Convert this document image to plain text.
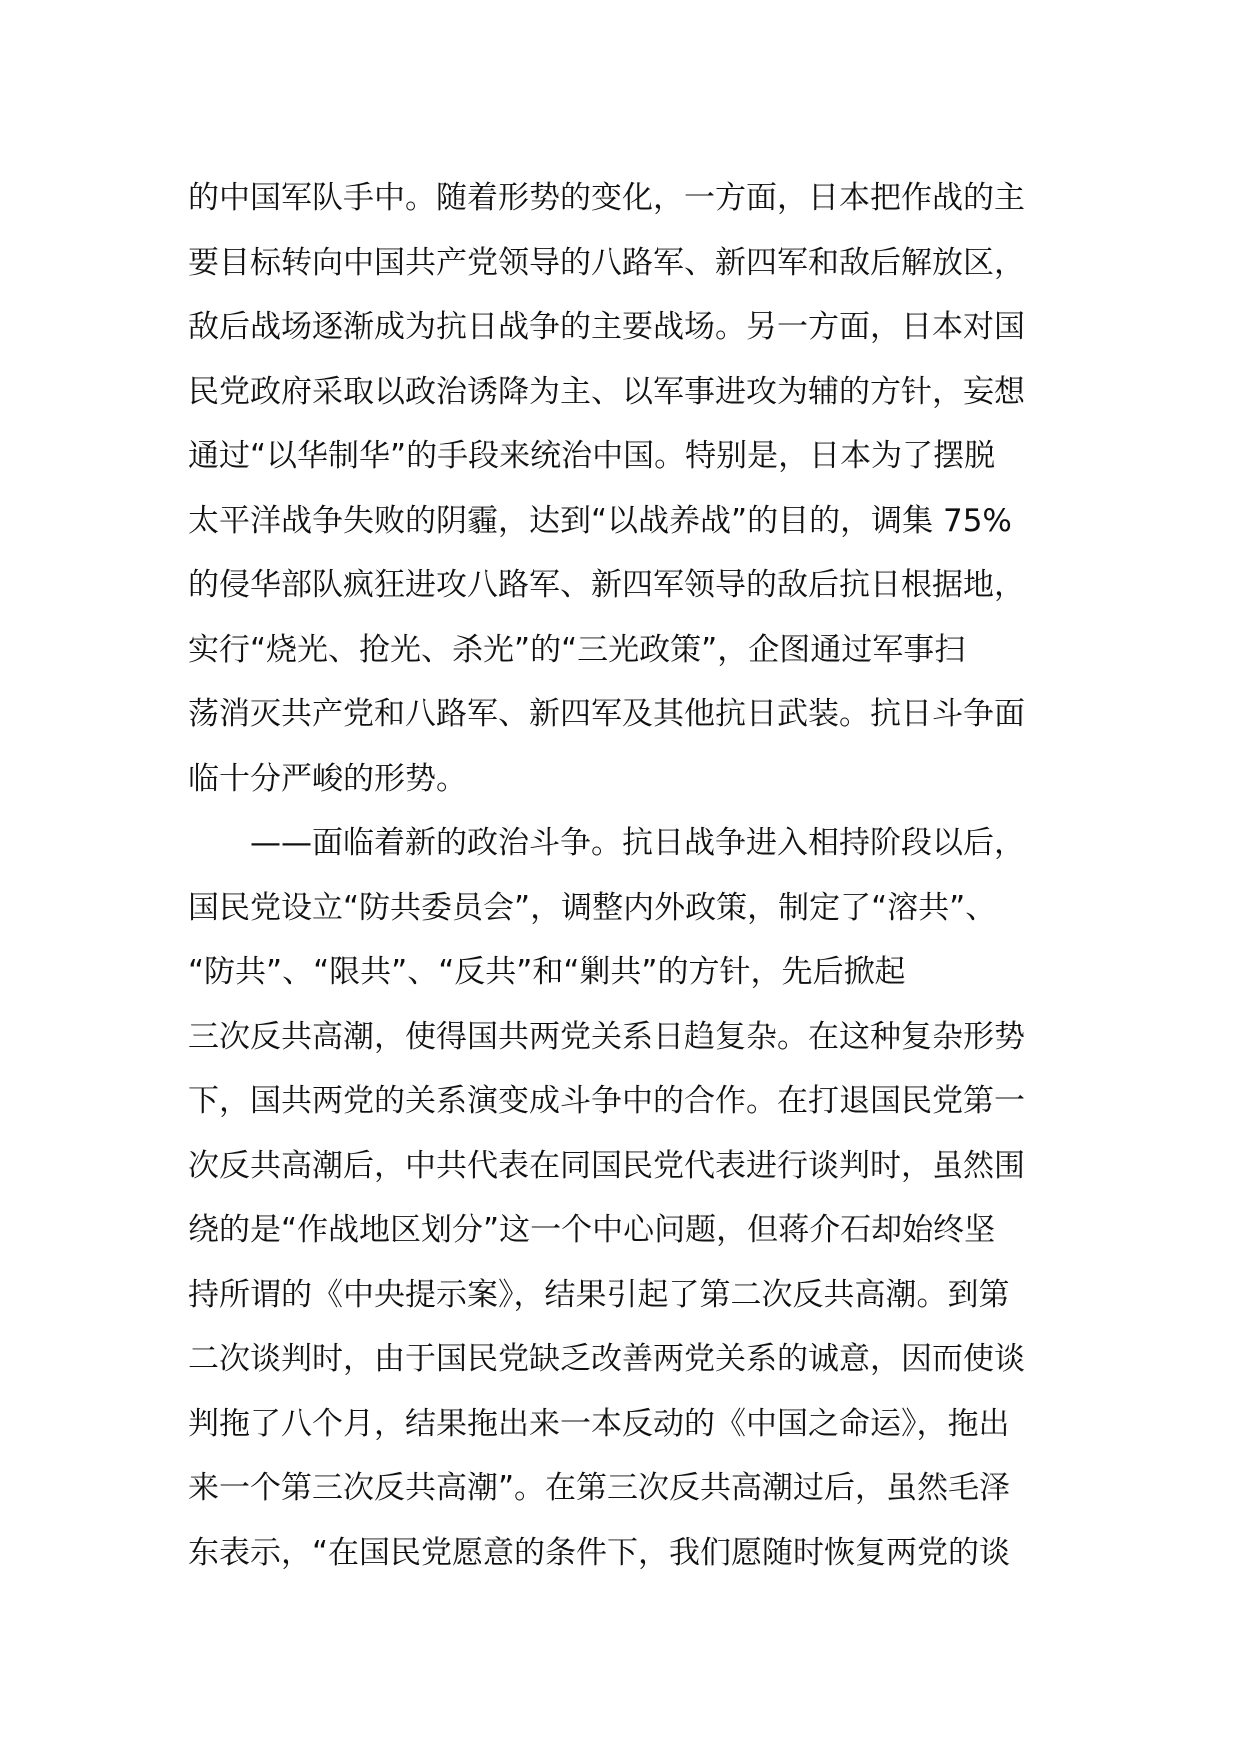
的中国军队手中。随着形势的变化，一方面，日本把作战的主
要目标转向中国共产党领导的八路军、新四军和敌后解放区，
敌后战场逐渐成为抗日战争的主要战场。另一方面，日本对国
民党政府采取以政治诱降为主、以军事进攻为辅的方针，妄想
通过“以华制华”的手段来统治中国。特别是，日本为了摆脱
太平洋战争失败的阴霾，达到“以战养战”的目的，调集 75%
的侵华部队疯狂进攻八路军、新四军领导的敌后抗日根据地，
实行“烧光、抢光、杀光”的“三光政策”，企图通过军事扫
荡消灭共产党和八路军、新四军及其他抗日武装。抗日斗争面
临十分严峻的形势。
——面临着新的政治斗争。抗日战争进入相持阶段以后，
国民党设立“防共委员会”，调整内外政策，制定了“溶共”、
“防共”、“限共”、“反共”和“剿共”的方针，先后掀起
三次反共高潮，使得国共两党关系日趋复杂。在这种复杂形势
下，国共两党的关系演变成斗争中的合作。在打退国民党第一
次反共高潮后，中共代表在同国民党代表进行谈判时，虽然围
绕的是“作战地区划分”这一个中心问题，但蒋介石却始终坚
持所谓的《中央提示案》，结果引起了第二次反共高潮。到第
二次谈判时，由于国民党缺乏改善两党关系的诚意，因而使谈
判拖了八个月，结果拖出来一本反动的《中国之命运》，拖出
来一个第三次反共高潮”。在第三次反共高潮过后，虽然毛泽
东表示，“在国民党愿意的条件下，我们愿随时恢复两党的谈
